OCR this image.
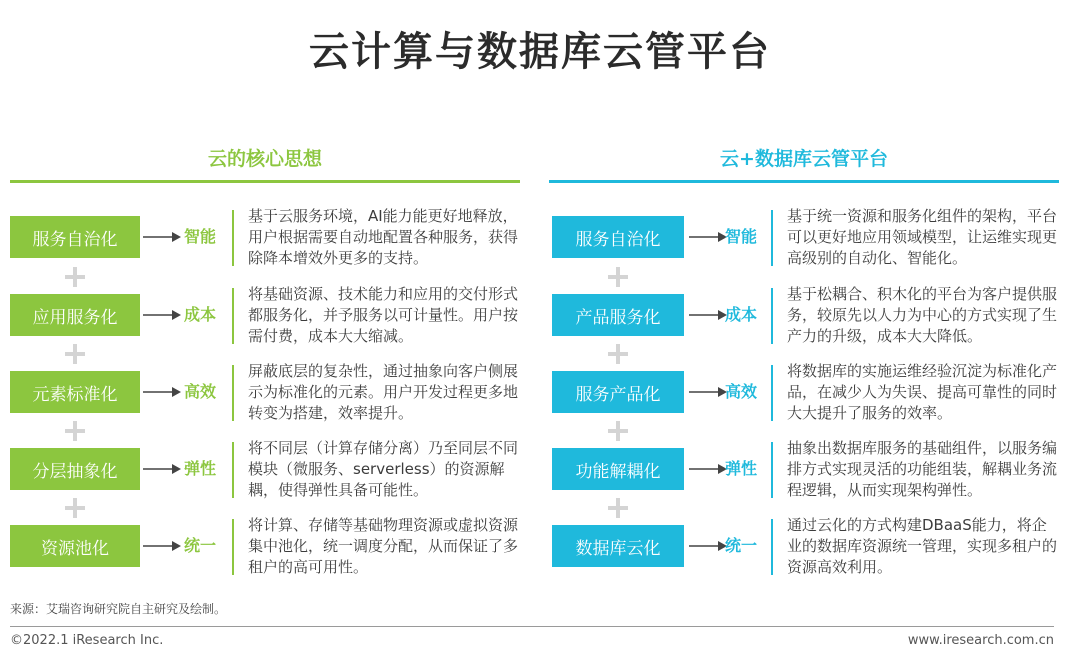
云计算与数据库云管平台
云的核心思想
服务自治化	智能
基于云服务环境，AI能力能更好地释放，用户根据需要自动地配置各种服务，获得除降本增效外更多的支持。
应用服务化	成本
将基础资源、技术能力和应用的交付形式都服务化，并予服务以可计量性。用户按需付费，成本大大缩减。
元素标准化	高效
屏蔽底层的复杂性，通过抽象向客户侧展示为标准化的元素。用户开发过程更多地转变为搭建，效率提升。
分层抽象化	弹性
将不同层（计算存储分离）乃至同层不同模块（微服务、serverless）的资源解耦，使得弹性具备可能性。
资源池化	统一
将计算、存储等基础物理资源或虚拟资源集中池化，统一调度分配，从而保证了多租户的高可用性。
云+数据库云管平台
服务自治化	智能
基于统一资源和服务化组件的架构，平台可以更好地应用领域模型，让运维实现更高级别的自动化、智能化。
产品服务化	成本
基于松耦合、积木化的平台为客户提供服务，较原先以人力为中心的方式实现了生产力的升级，成本大大降低。
服务产品化	高效
将数据库的实施运维经验沉淀为标准化产品，在减少人为失误、提高可靠性的同时大大提升了服务的效率。
功能解耦化	弹性
抽象出数据库服务的基础组件，以服务编排方式实现灵活的功能组装，解耦业务流程逻辑，从而实现架构弹性。
数据库云化	统一
通过云化的方式构建DBaaS能力，将企业的数据库资源统一管理，实现多租户的资源高效利用。
来源：艾瑞咨询研究院自主研究及绘制。
©2022.1 iResearch Inc.	www.iresearch.com.cn
